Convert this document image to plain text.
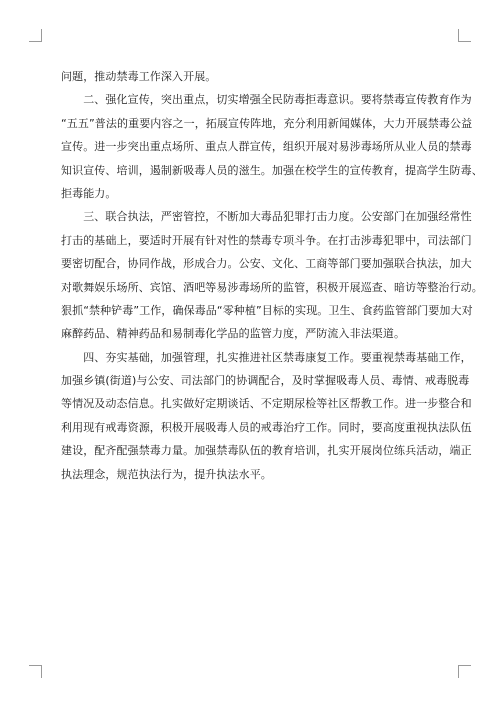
问题，推动禁毒工作深入开展。
　　二、强化宣传，突出重点，切实增强全民防毒拒毒意识。要将禁毒宣传教育作为
“五五”普法的重要内容之一，拓展宣传阵地，充分利用新闻媒体，大力开展禁毒公益
宣传。进一步突出重点场所、重点人群宣传，组织开展对易涉毒场所从业人员的禁毒
知识宣传、培训，遏制新吸毒人员的滋生。加强在校学生的宣传教育，提高学生防毒、
拒毒能力。
　　三、联合执法，严密管控，不断加大毒品犯罪打击力度。公安部门在加强经常性
打击的基础上，要适时开展有针对性的禁毒专项斗争。在打击涉毒犯罪中，司法部门
要密切配合，协同作战，形成合力。公安、文化、工商等部门要加强联合执法，加大
对歌舞娱乐场所、宾馆、酒吧等易涉毒场所的监管，积极开展巡查、暗访等整治行动。
狠抓“禁种铲毒”工作，确保毒品“零种植”目标的实现。卫生、食药监管部门要加大对
麻醉药品、精神药品和易制毒化学品的监管力度，严防流入非法渠道。
　　四、夯实基础，加强管理，扎实推进社区禁毒康复工作。要重视禁毒基础工作，
加强乡镇(街道)与公安、司法部门的协调配合，及时掌握吸毒人员、毒情、戒毒脱毒
等情况及动态信息。扎实做好定期谈话、不定期尿检等社区帮教工作。进一步整合和
利用现有戒毒资源，积极开展吸毒人员的戒毒治疗工作。同时，要高度重视执法队伍
建设，配齐配强禁毒力量。加强禁毒队伍的教育培训，扎实开展岗位练兵活动，端正
执法理念，规范执法行为，提升执法水平。
